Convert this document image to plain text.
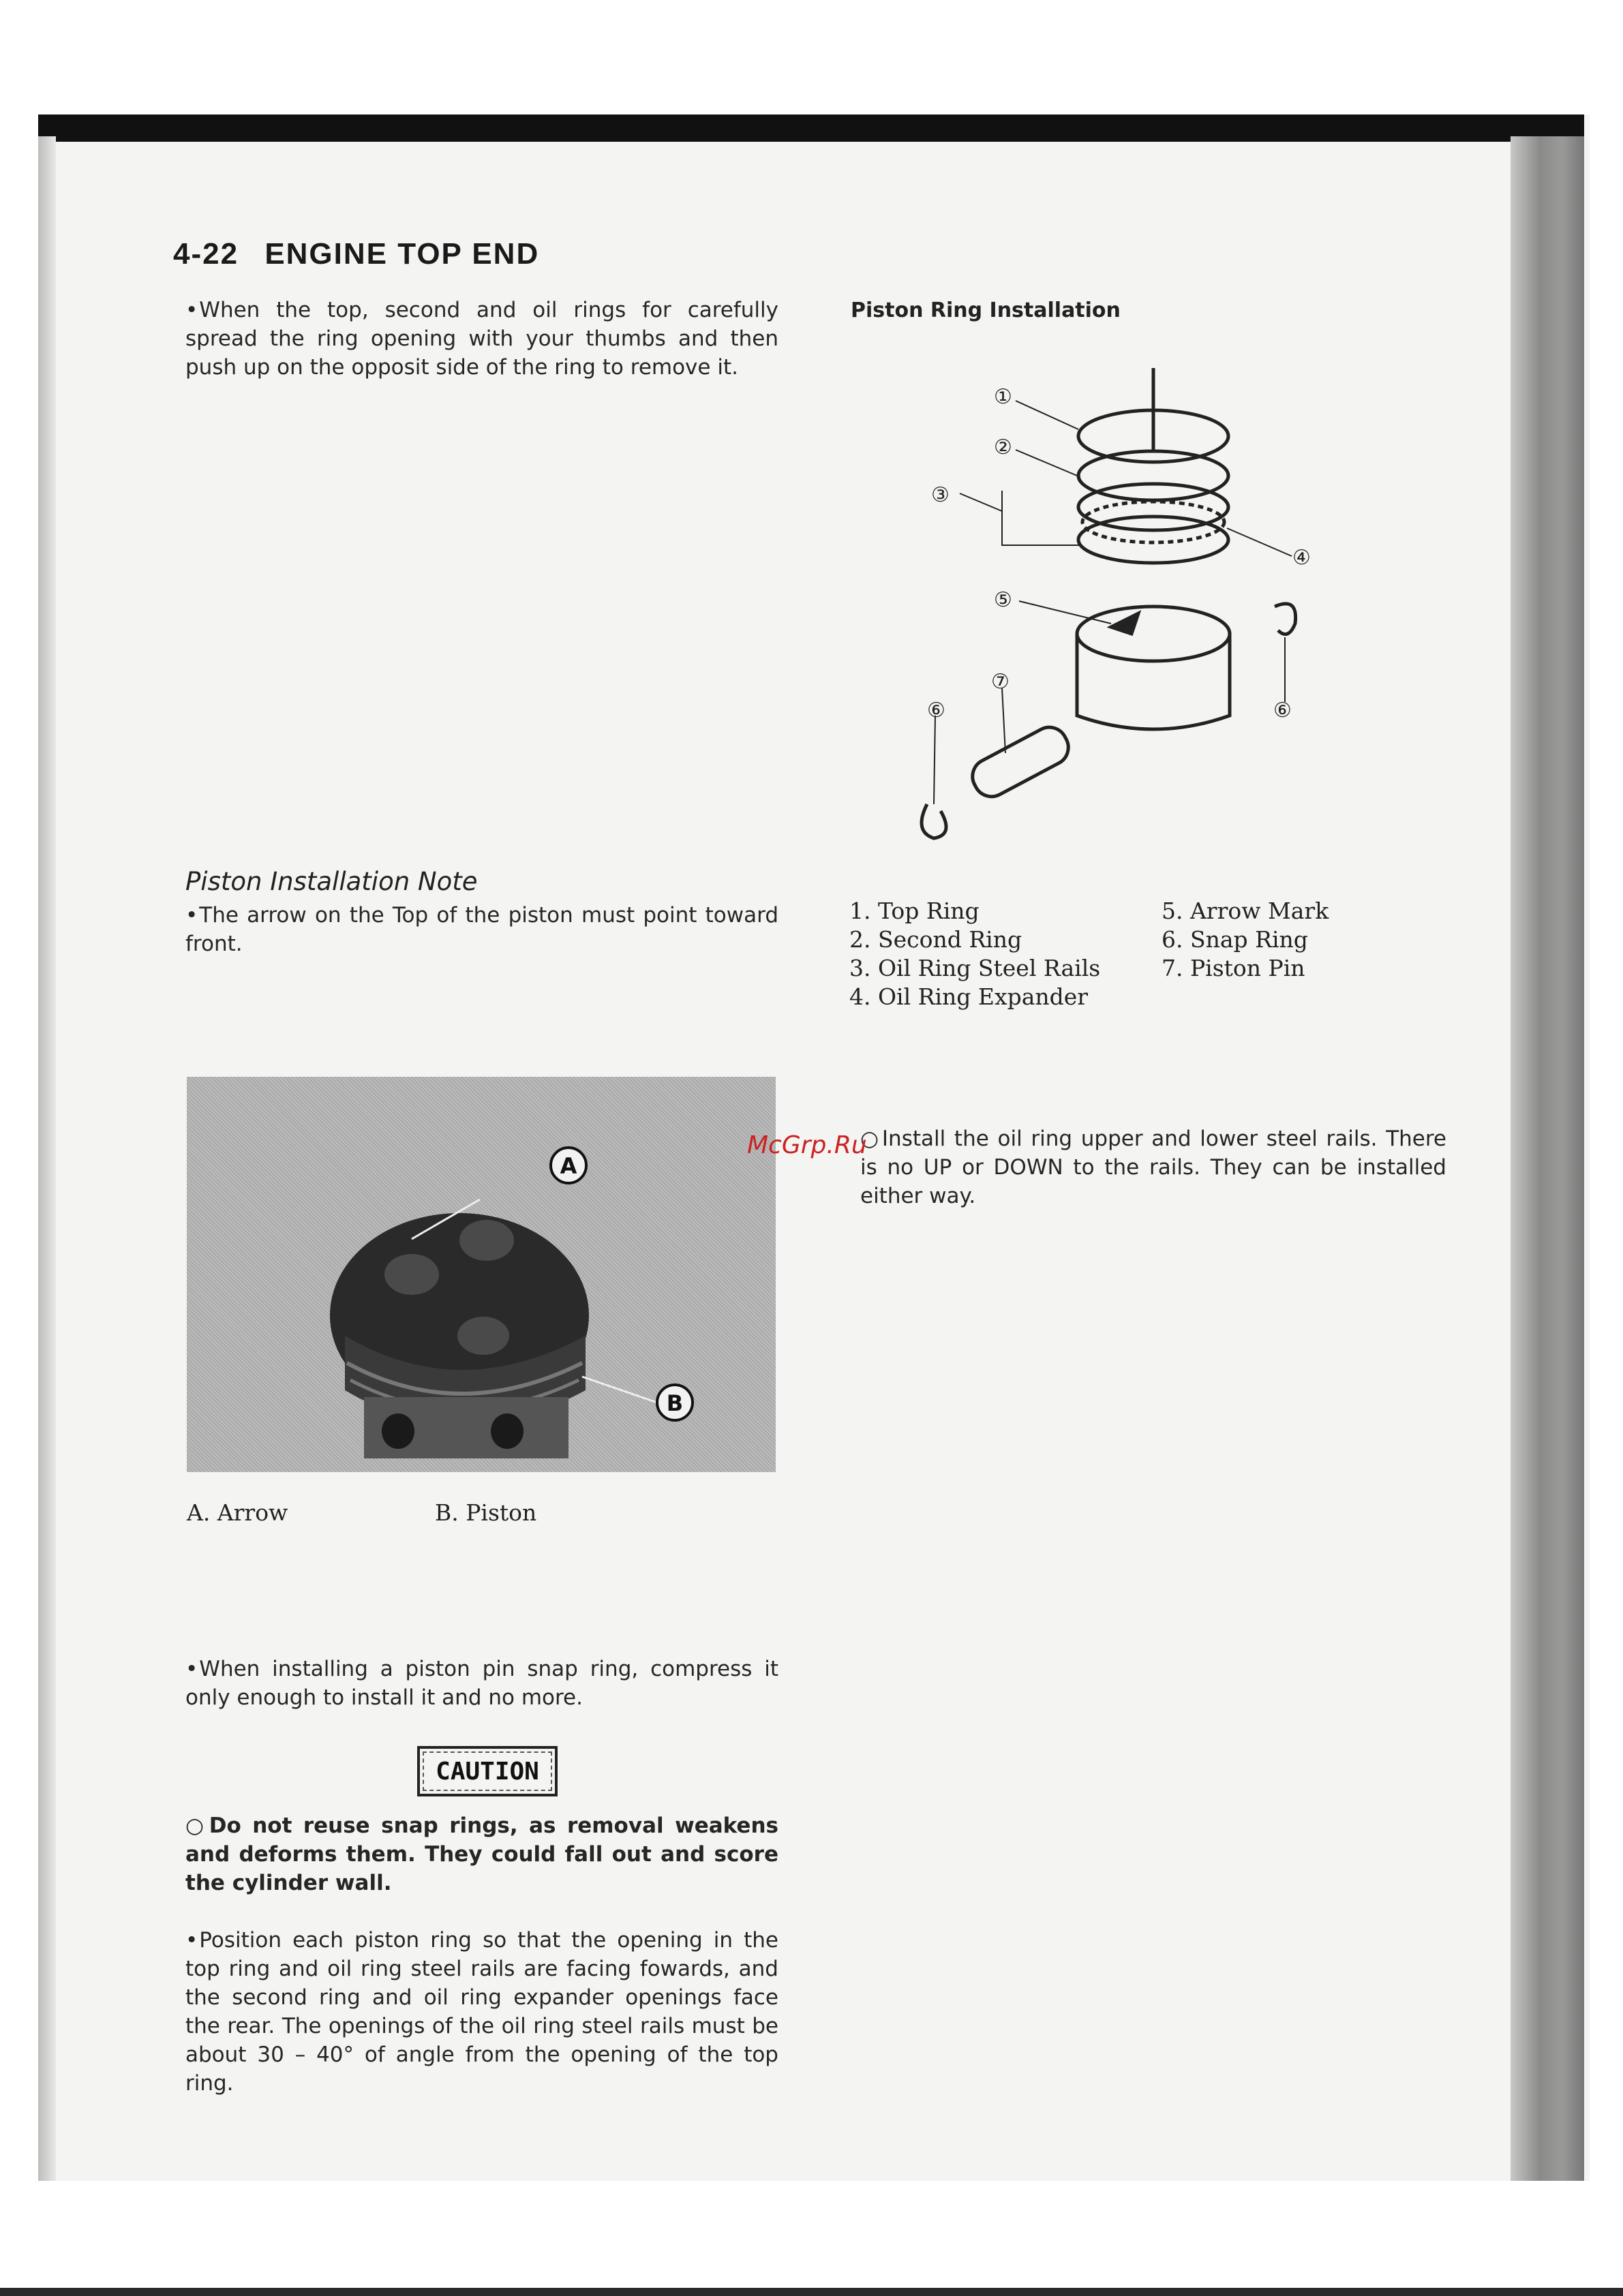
4-22 ENGINE TOP END
•When the top, second and oil rings for carefully spread the ring opening with your thumbs and then push up on the opposit side of the ring to remove it.
Piston Installation Note
•The arrow on the Top of the piston must point toward front.
A
B
A. Arrow	B. Piston
•When installing a piston pin snap ring, compress it only enough to install it and no more.
CAUTION
○Do not reuse snap rings, as removal weakens and deforms them. They could fall out and score the cylinder wall.
•Position each piston ring so that the opening in the top ring and oil ring steel rails are facing fowards, and the second ring and oil ring expander openings face the rear. The openings of the oil ring steel rails must be about 30 – 40° of angle from the opening of the top ring.
Piston Ring Installation
①
②
③
④
⑤
⑥	⑥
⑦
1. Top Ring
2. Second Ring
3. Oil Ring Steel Rails
4. Oil Ring Expander
5. Arrow Mark
6. Snap Ring
7. Piston Pin
○Install the oil ring upper and lower steel rails. There is no UP or DOWN to the rails. They can be installed either way.
McGrp.Ru
